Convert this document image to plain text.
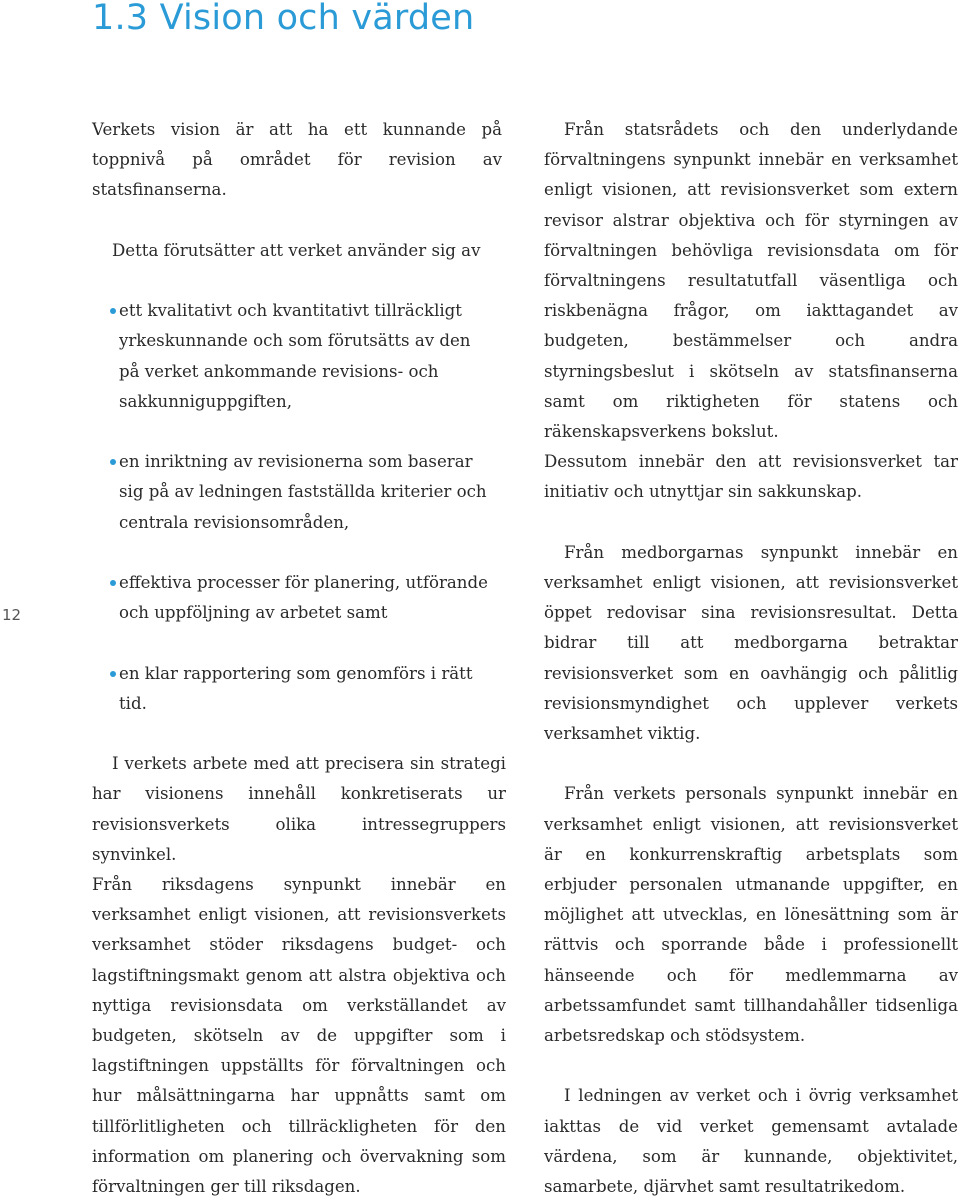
1.3 Vision och värden
12

Verkets vision är att ha ett kunnande på toppnivå på området för revision av statsfinanserna.

Detta förutsätter att verket använder sig av

ett kvalitativt och kvantitativt tillräckligt yrkeskunnande och som förutsätts av den på verket ankommande revisions- och sakkunniguppgiften,
en inriktning av revisionerna som baserar sig på av ledningen fastställda kriterier och centrala revisionsområden,
effektiva processer för planering, utförande och uppföljning av arbetet samt
en klar rapportering som genomförs i rätt tid.

I verkets arbete med att precisera sin strategi har visionens innehåll konkretiserats ur revisionsverkets olika intressegruppers synvinkel.

Från riksdagens synpunkt innebär en verksamhet enligt visionen, att revisionsverkets verksamhet stöder riksdagens budget- och lagstiftningsmakt genom att alstra objektiva och nyttiga revisionsdata om verkställandet av budgeten, skötseln av de uppgifter som i lagstiftningen uppställts för förvaltningen och hur målsättningarna har uppnåtts samt om tillförlitligheten och tillräckligheten för den information om planering och övervakning som förvaltningen ger till riksdagen.

Från statsrådets och den underlydande förvaltningens synpunkt innebär en verksamhet enligt visionen, att revisionsverket som extern revisor alstrar objektiva och för styrningen av förvaltningen behövliga revisionsdata om för förvaltningens resultatutfall väsentliga och riskbenägna frågor, om iakttagandet av budgeten, bestämmelser och andra styrningsbeslut i skötseln av statsfinanserna samt om riktigheten för statens och räkenskapsverkens bokslut.

Dessutom innebär den att revisionsverket tar initiativ och utnyttjar sin sakkunskap.

Från medborgarnas synpunkt innebär en verksamhet enligt visionen, att revisionsverket öppet redovisar sina revisionsresultat. Detta bidrar till att medborgarna betraktar revisionsverket som en oavhängig och pålitlig revisionsmyndighet och upplever verkets verksamhet viktig.

Från verkets personals synpunkt innebär en verksamhet enligt visionen, att revisionsverket är en konkurrenskraftig arbetsplats som erbjuder personalen utmanande uppgifter, en möjlighet att utvecklas, en lönesättning som är rättvis och sporrande både i professionellt hänseende och för medlemmarna av arbetssamfundet samt tillhandahåller tidsenliga arbetsredskap och stödsystem.

I ledningen av verket och i övrig verksamhet iakttas de vid verket gemensamt avtalade värdena, som är kunnande, objektivitet, samarbete, djärvhet samt resultatrikedom.
